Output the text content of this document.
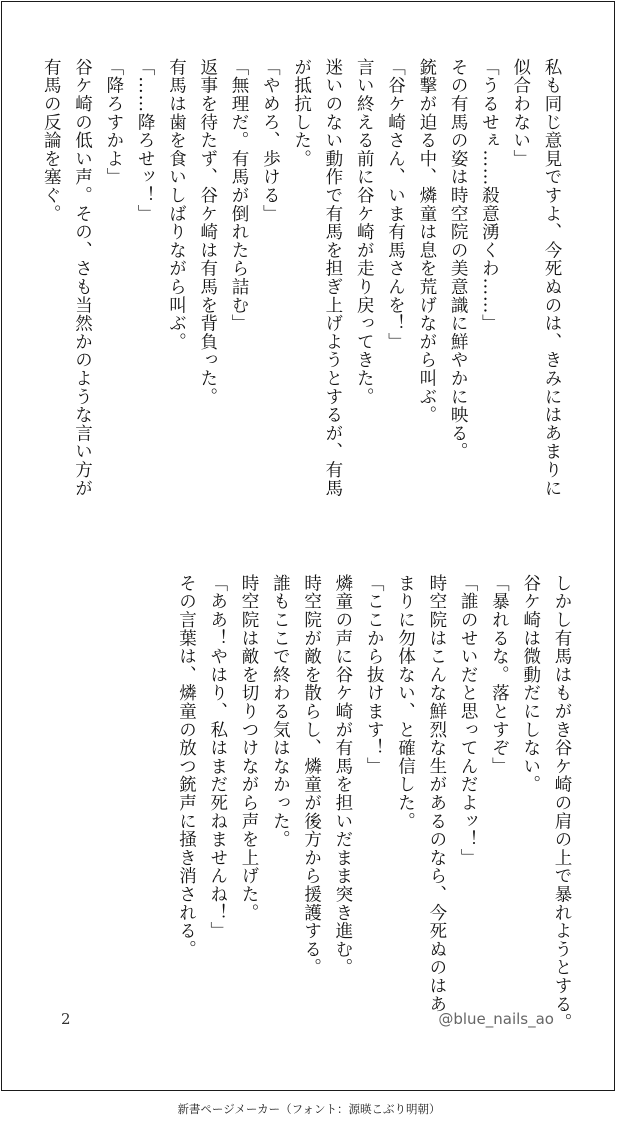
私も同じ意見ですよ、今死ぬのは、きみにはあまりに

似合わない」

「うるせぇ……殺意湧くわ……」

その有馬の姿は時空院の美意識に鮮やかに映る。

銃撃が迫る中、燐童は息を荒げながら叫ぶ。

「谷ケ崎さん、いま有馬さんを！」

言い終える前に谷ケ崎が走り戻ってきた。

迷いのない動作で有馬を担ぎ上げようとするが、有馬

が抵抗した。

「やめろ、歩ける」

「無理だ。有馬が倒れたら詰む」

返事を待たず、谷ケ崎は有馬を背負った。

有馬は歯を食いしばりながら叫ぶ。

「……降ろせッ！」

「降ろすかよ」

谷ケ崎の低い声。その、さも当然かのような言い方が

有馬の反論を塞ぐ。

しかし有馬はもがき谷ケ崎の肩の上で暴れようとする。

谷ケ崎は微動だにしない。

「暴れるな。落とすぞ」

「誰のせいだと思ってんだよッ！」

時空院はこんな鮮烈な生があるのなら、今死ぬのはあ

まりに勿体ない、と確信した。

「ここから抜けます！」

燐童の声に谷ケ崎が有馬を担いだまま突き進む。

時空院が敵を散らし、燐童が後方から援護する。

誰もここで終わる気はなかった。

時空院は敵を切りつけながら声を上げた。

「ああ！やはり、私はまだ死ねませんね！」

その言葉は、燐童の放つ銃声に掻き消される。

2	@blue_nails_ao
新書ページメーカー（フォント：源暎こぶり明朝）
